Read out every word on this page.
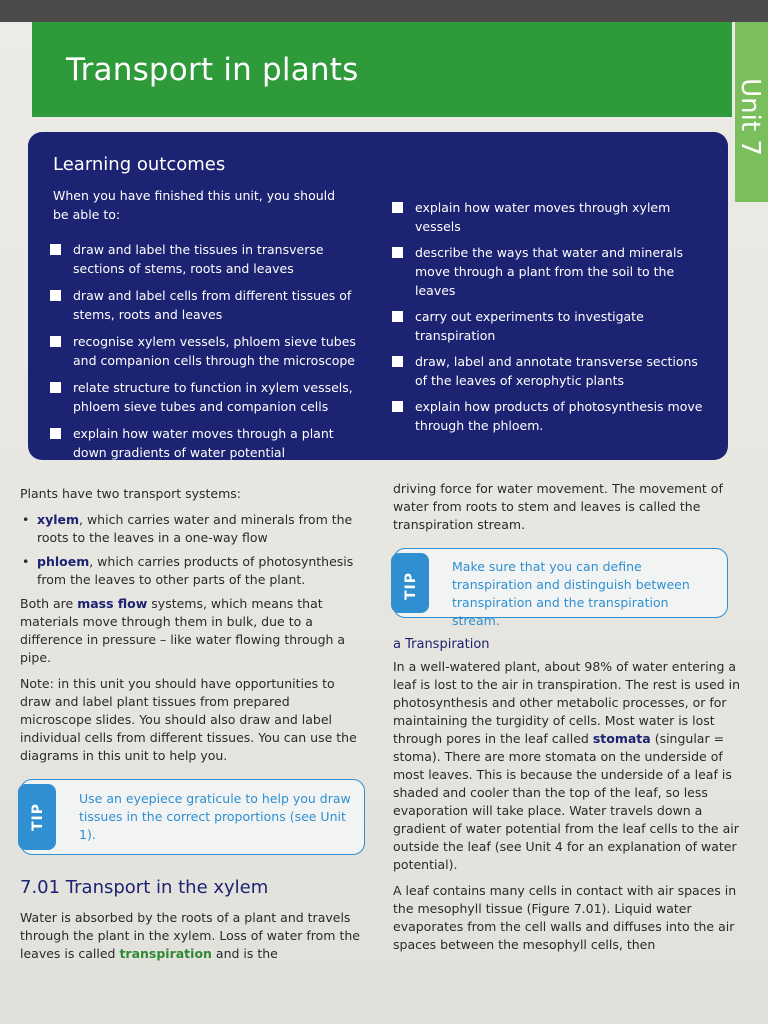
Transport in plants
Unit 7
Learning outcomes
When you have finished this unit, you should be able to:
draw and label the tissues in transverse sections of stems, roots and leaves
draw and label cells from different tissues of stems, roots and leaves
recognise xylem vessels, phloem sieve tubes and companion cells through the microscope
relate structure to function in xylem vessels, phloem sieve tubes and companion cells
explain how water moves through a plant down gradients of water potential
explain how water moves through xylem vessels
describe the ways that water and minerals move through a plant from the soil to the leaves
carry out experiments to investigate transpiration
draw, label and annotate transverse sections of the leaves of xerophytic plants
explain how products of photosynthesis move through the phloem.

Plants have two transport systems:

• xylem, which carries water and minerals from the roots to the leaves in a one-way flow
• phloem, which carries products of photosynthesis from the leaves to other parts of the plant.

Both are mass flow systems, which means that materials move through them in bulk, due to a difference in pressure – like water flowing through a pipe.

Note: in this unit you should have opportunities to draw and label plant tissues from prepared microscope slides. You should also draw and label individual cells from different tissues. You can use the diagrams in this unit to help you.

TIP
Use an eyepiece graticule to help you draw tissues in the correct proportions (see Unit 1).
7.01 Transport in the xylem

Water is absorbed by the roots of a plant and travels through the plant in the xylem. Loss of water from the leaves is called transpiration and is the

driving force for water movement. The movement of water from roots to stem and leaves is called the transpiration stream.

TIP
Make sure that you can define transpiration and distinguish between transpiration and the transpiration stream.
a Transpiration

In a well-watered plant, about 98% of water entering a leaf is lost to the air in transpiration. The rest is used in photosynthesis and other metabolic processes, or for maintaining the turgidity of cells. Most water is lost through pores in the leaf called stomata (singular = stoma). There are more stomata on the underside of most leaves. This is because the underside of a leaf is shaded and cooler than the top of the leaf, so less evaporation will take place. Water travels down a gradient of water potential from the leaf cells to the air outside the leaf (see Unit 4 for an explanation of water potential).

A leaf contains many cells in contact with air spaces in the mesophyll tissue (Figure 7.01). Liquid water evaporates from the cell walls and diffuses into the air spaces between the mesophyll cells, then
